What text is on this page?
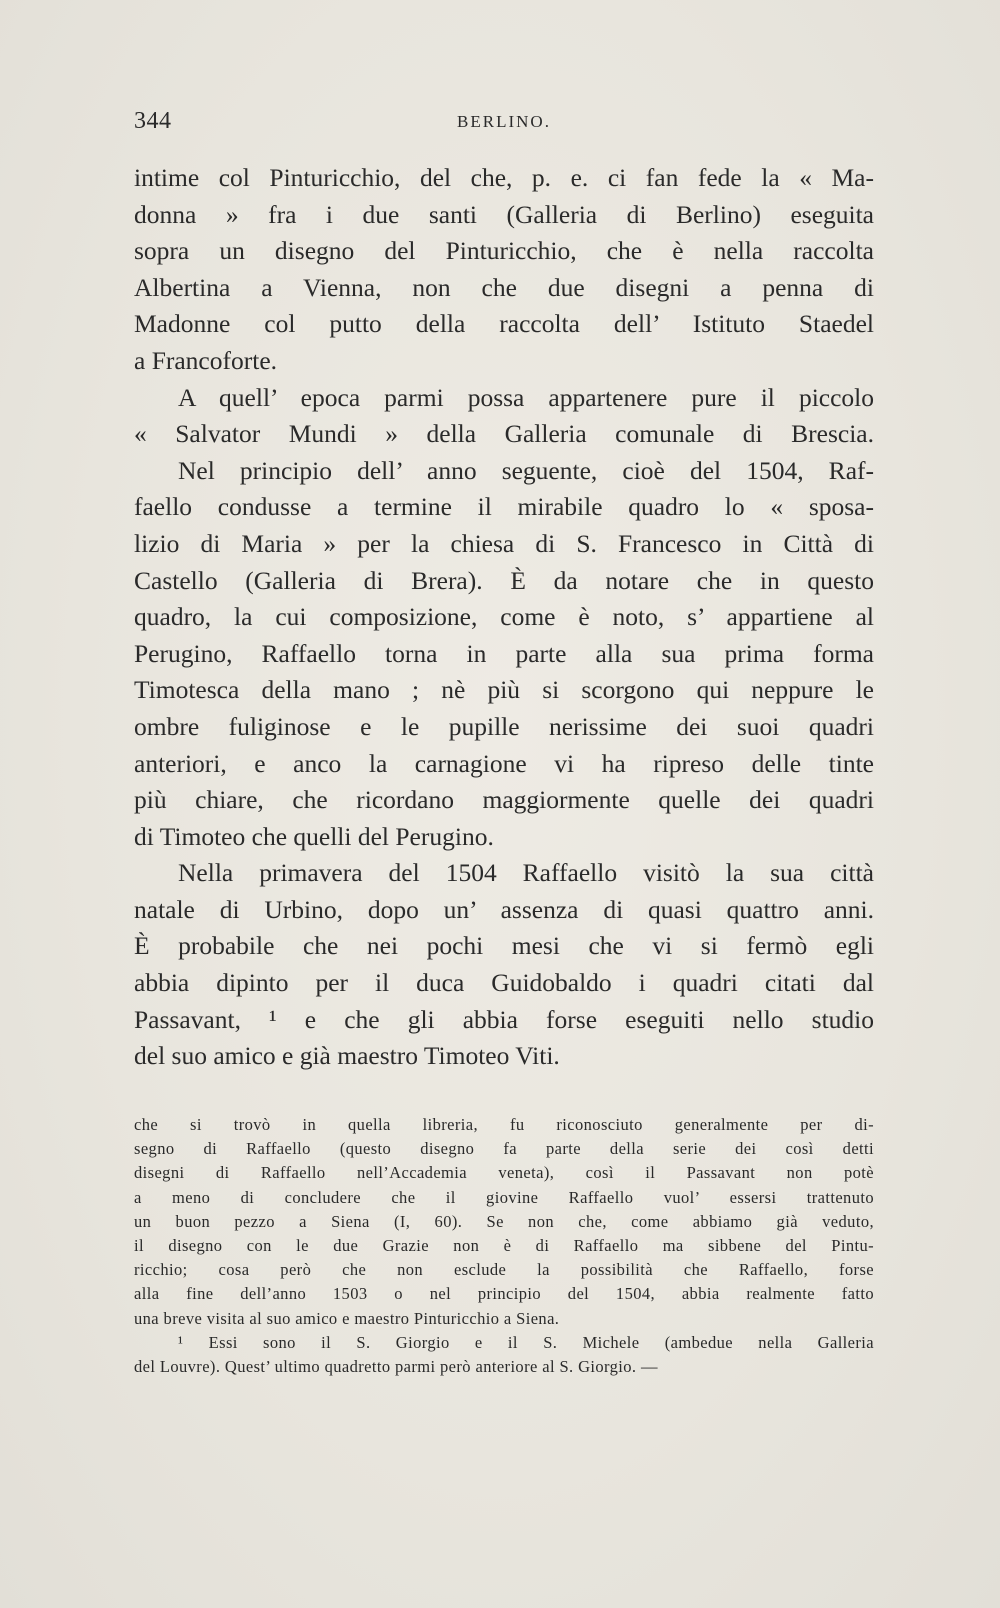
344	BERLINO.
intime col Pinturicchio, del che, p. e. ci fan fede la « Ma-
donna » fra i due santi (Galleria di Berlino) eseguita
sopra un disegno del Pinturicchio, che è nella raccolta
Albertina a Vienna, non che due disegni a penna di
Madonne col putto della raccolta dell’ Istituto Staedel
a Francoforte.
A quell’ epoca parmi possa appartenere pure il piccolo
« Salvator Mundi » della Galleria comunale di Brescia.
Nel principio dell’ anno seguente, cioè del 1504, Raf-
faello condusse a termine il mirabile quadro lo « sposa-
lizio di Maria » per la chiesa di S. Francesco in Città di
Castello (Galleria di Brera). È da notare che in questo
quadro, la cui composizione, come è noto, s’ appartiene al
Perugino, Raffaello torna in parte alla sua prima forma
Timotesca della mano ; nè più si scorgono qui neppure le
ombre fuliginose e le pupille nerissime dei suoi quadri
anteriori, e anco la carnagione vi ha ripreso delle tinte
più chiare, che ricordano maggiormente quelle dei quadri
di Timoteo che quelli del Perugino.
Nella primavera del 1504 Raffaello visitò la sua città
natale di Urbino, dopo un’ assenza di quasi quattro anni.
È probabile che nei pochi mesi che vi si fermò egli
abbia dipinto per il duca Guidobaldo i quadri citati dal
Passavant, ¹ e che gli abbia forse eseguiti nello studio
del suo amico e già maestro Timoteo Viti.
che si trovò in quella libreria, fu riconosciuto generalmente per di-
segno di Raffaello (questo disegno fa parte della serie dei così detti
disegni di Raffaello nell’Accademia veneta), così il Passavant non potè
a meno di concludere che il giovine Raffaello vuol’ essersi trattenuto
un buon pezzo a Siena (I, 60). Se non che, come abbiamo già veduto,
il disegno con le due Grazie non è di Raffaello ma sibbene del Pintu-
ricchio; cosa però che non esclude la possibilità che Raffaello, forse
alla fine dell’anno 1503 o nel principio del 1504, abbia realmente fatto
una breve visita al suo amico e maestro Pinturicchio a Siena.
¹ Essi sono il S. Giorgio e il S. Michele (ambedue nella Galleria
del Louvre). Quest’ ultimo quadretto parmi però anteriore al S. Giorgio. —
